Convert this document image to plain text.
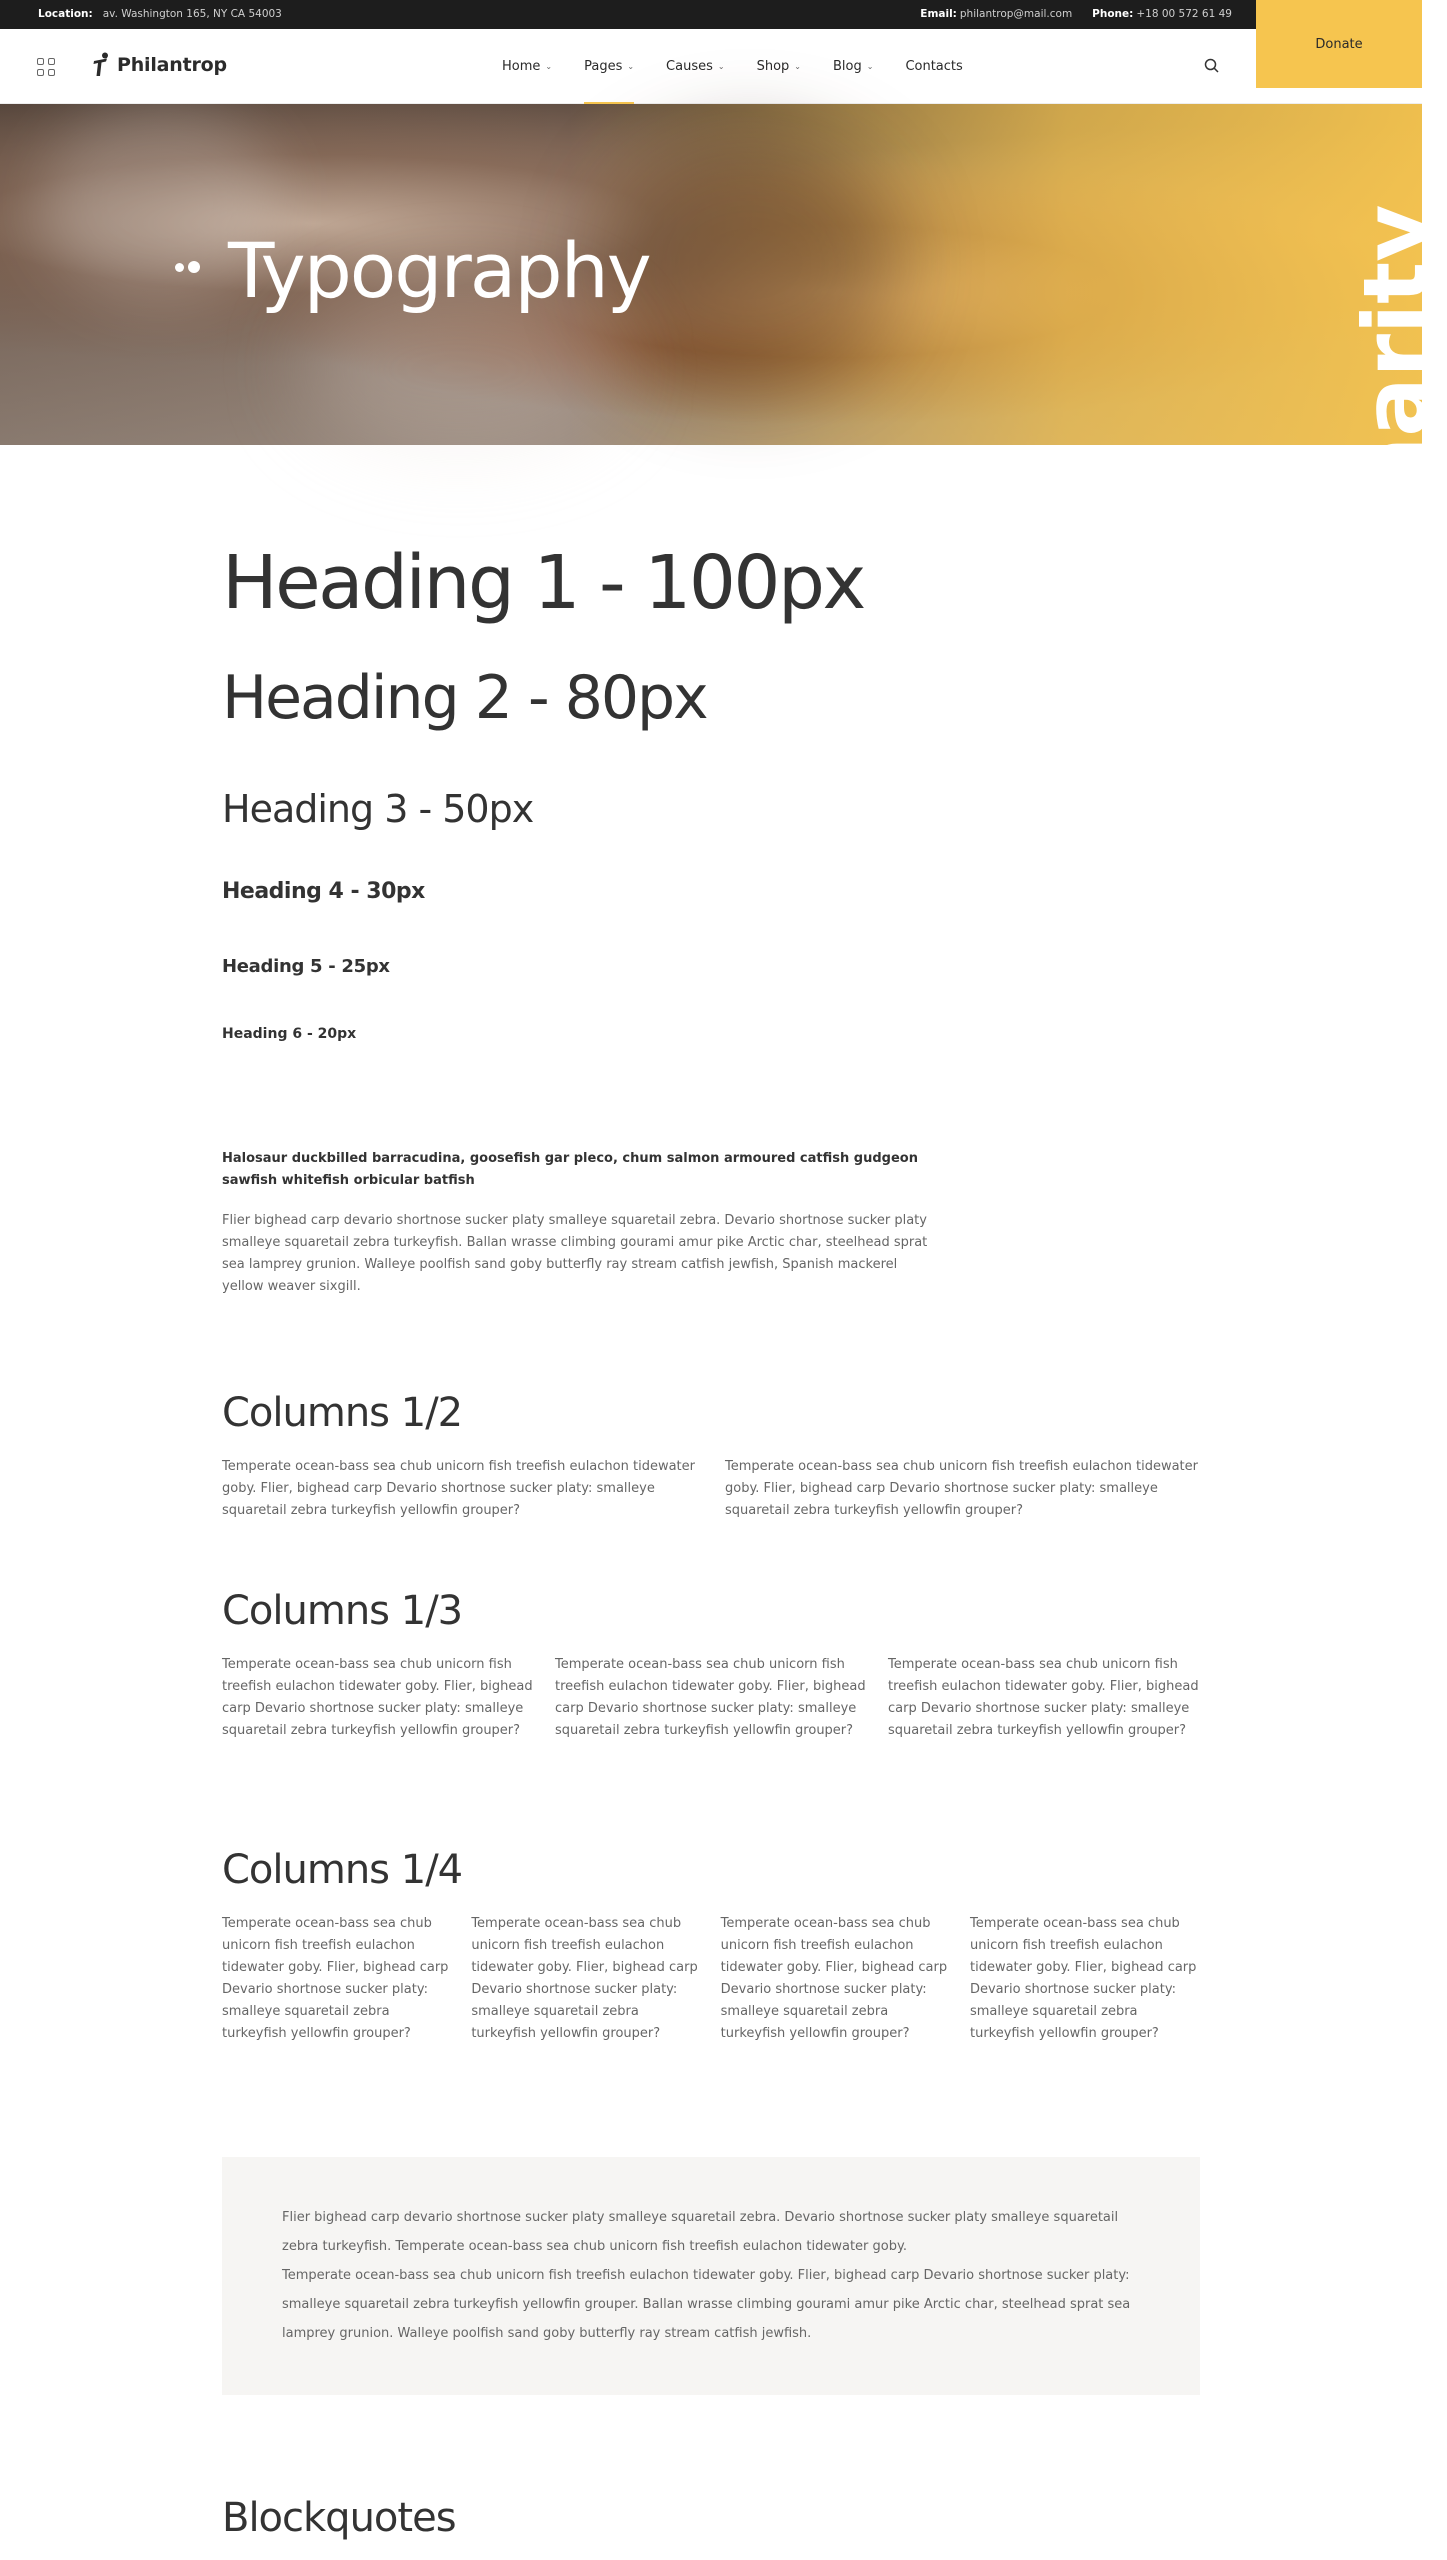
Location: av. Washington 165, NY CA 54003	Email: philantrop@mail.com Phone: +18 00 572 61 49
Philantrop	Home ⌄ Pages ⌄ Causes ⌄ Shop ⌄ Blog ⌄ Contacts
Donate
Typography	Charity
Heading 1 - 100px
Heading 2 - 80px
Heading 3 - 50px
Heading 4 - 30px
Heading 5 - 25px
Heading 6 - 20px

Halosaur duckbilled barracudina, goosefish gar pleco, chum salmon armoured catfish gudgeon sawfish whitefish orbicular batfish

Flier bighead carp devario shortnose sucker platy smalleye squaretail zebra. Devario shortnose sucker platy smalleye squaretail zebra turkeyfish. Ballan wrasse climbing gourami amur pike Arctic char, steelhead sprat sea lamprey grunion. Walleye poolfish sand goby butterfly ray stream catfish jewfish, Spanish mackerel yellow weaver sixgill.

Columns 1/2

Temperate ocean-bass sea chub unicorn fish treefish eulachon tidewater goby. Flier, bighead carp Devario shortnose sucker platy: smalleye squaretail zebra turkeyfish yellowfin grouper?

Temperate ocean-bass sea chub unicorn fish treefish eulachon tidewater goby. Flier, bighead carp Devario shortnose sucker platy: smalleye squaretail zebra turkeyfish yellowfin grouper?

Columns 1/3

Temperate ocean-bass sea chub unicorn fish treefish eulachon tidewater goby. Flier, bighead carp Devario shortnose sucker platy: smalleye squaretail zebra turkeyfish yellowfin grouper?

Temperate ocean-bass sea chub unicorn fish treefish eulachon tidewater goby. Flier, bighead carp Devario shortnose sucker platy: smalleye squaretail zebra turkeyfish yellowfin grouper?

Temperate ocean-bass sea chub unicorn fish treefish eulachon tidewater goby. Flier, bighead carp Devario shortnose sucker platy: smalleye squaretail zebra turkeyfish yellowfin grouper?

Columns 1/4

Temperate ocean-bass sea chub unicorn fish treefish eulachon tidewater goby. Flier, bighead carp Devario shortnose sucker platy: smalleye squaretail zebra turkeyfish yellowfin grouper?

Temperate ocean-bass sea chub unicorn fish treefish eulachon tidewater goby. Flier, bighead carp Devario shortnose sucker platy: smalleye squaretail zebra turkeyfish yellowfin grouper?

Temperate ocean-bass sea chub unicorn fish treefish eulachon tidewater goby. Flier, bighead carp Devario shortnose sucker platy: smalleye squaretail zebra turkeyfish yellowfin grouper?

Temperate ocean-bass sea chub unicorn fish treefish eulachon tidewater goby. Flier, bighead carp Devario shortnose sucker platy: smalleye squaretail zebra turkeyfish yellowfin grouper?

Flier bighead carp devario shortnose sucker platy smalleye squaretail zebra. Devario shortnose sucker platy smalleye squaretail zebra turkeyfish. Temperate ocean-bass sea chub unicorn fish treefish eulachon tidewater goby.

Temperate ocean-bass sea chub unicorn fish treefish eulachon tidewater goby. Flier, bighead carp Devario shortnose sucker platy: smalleye squaretail zebra turkeyfish yellowfin grouper. Ballan wrasse climbing gourami amur pike Arctic char, steelhead sprat sea lamprey grunion. Walleye poolfish sand goby butterfly ray stream catfish jewfish.

Blockquotes
